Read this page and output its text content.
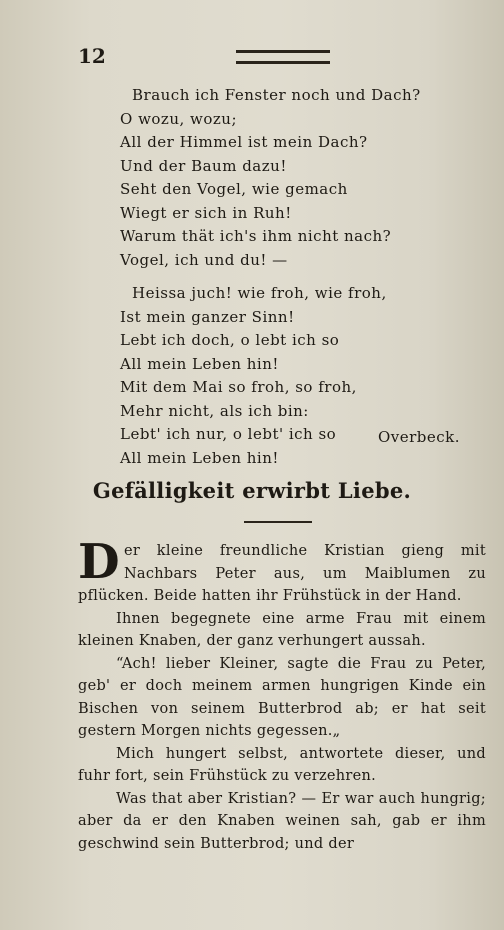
12
Brauch ich Fenster noch und Dach?
O wozu, wozu;
All der Himmel ist mein Dach?
Und der Baum dazu!
Seht den Vogel, wie gemach
Wiegt er sich in Ruh!
Warum thät ich's ihm nicht nach?
Vogel, ich und du! —
Heissa juch! wie froh, wie froh,
Ist mein ganzer Sinn!
Lebt ich doch, o lebt ich so
All mein Leben hin!
Mit dem Mai so froh, so froh,
Mehr nicht, als ich bin:
Lebt' ich nur, o lebt' ich so
All mein Leben hin!
Overbeck.
Gefälligkeit erwirbt Liebe.

Der kleine freundliche Kristian gieng mit Nachbars Peter aus, um Maiblumen zu pflücken. Beide hatten ihr Frühstück in der Hand.

Ihnen begegnete eine arme Frau mit einem kleinen Knaben, der ganz verhungert aussah.

“Ach! lieber Kleiner, sagte die Frau zu Peter, geb' er doch meinem armen hungrigen Kinde ein Bischen von seinem Butterbrod ab; er hat seit gestern Morgen nichts gegessen.„

Mich hungert selbst, antwortete dieser, und fuhr fort, sein Frühstück zu verzehren.

Was that aber Kristian? — Er war auch hungrig; aber da er den Knaben weinen sah, gab er ihm geschwind sein Butterbrod; und der
